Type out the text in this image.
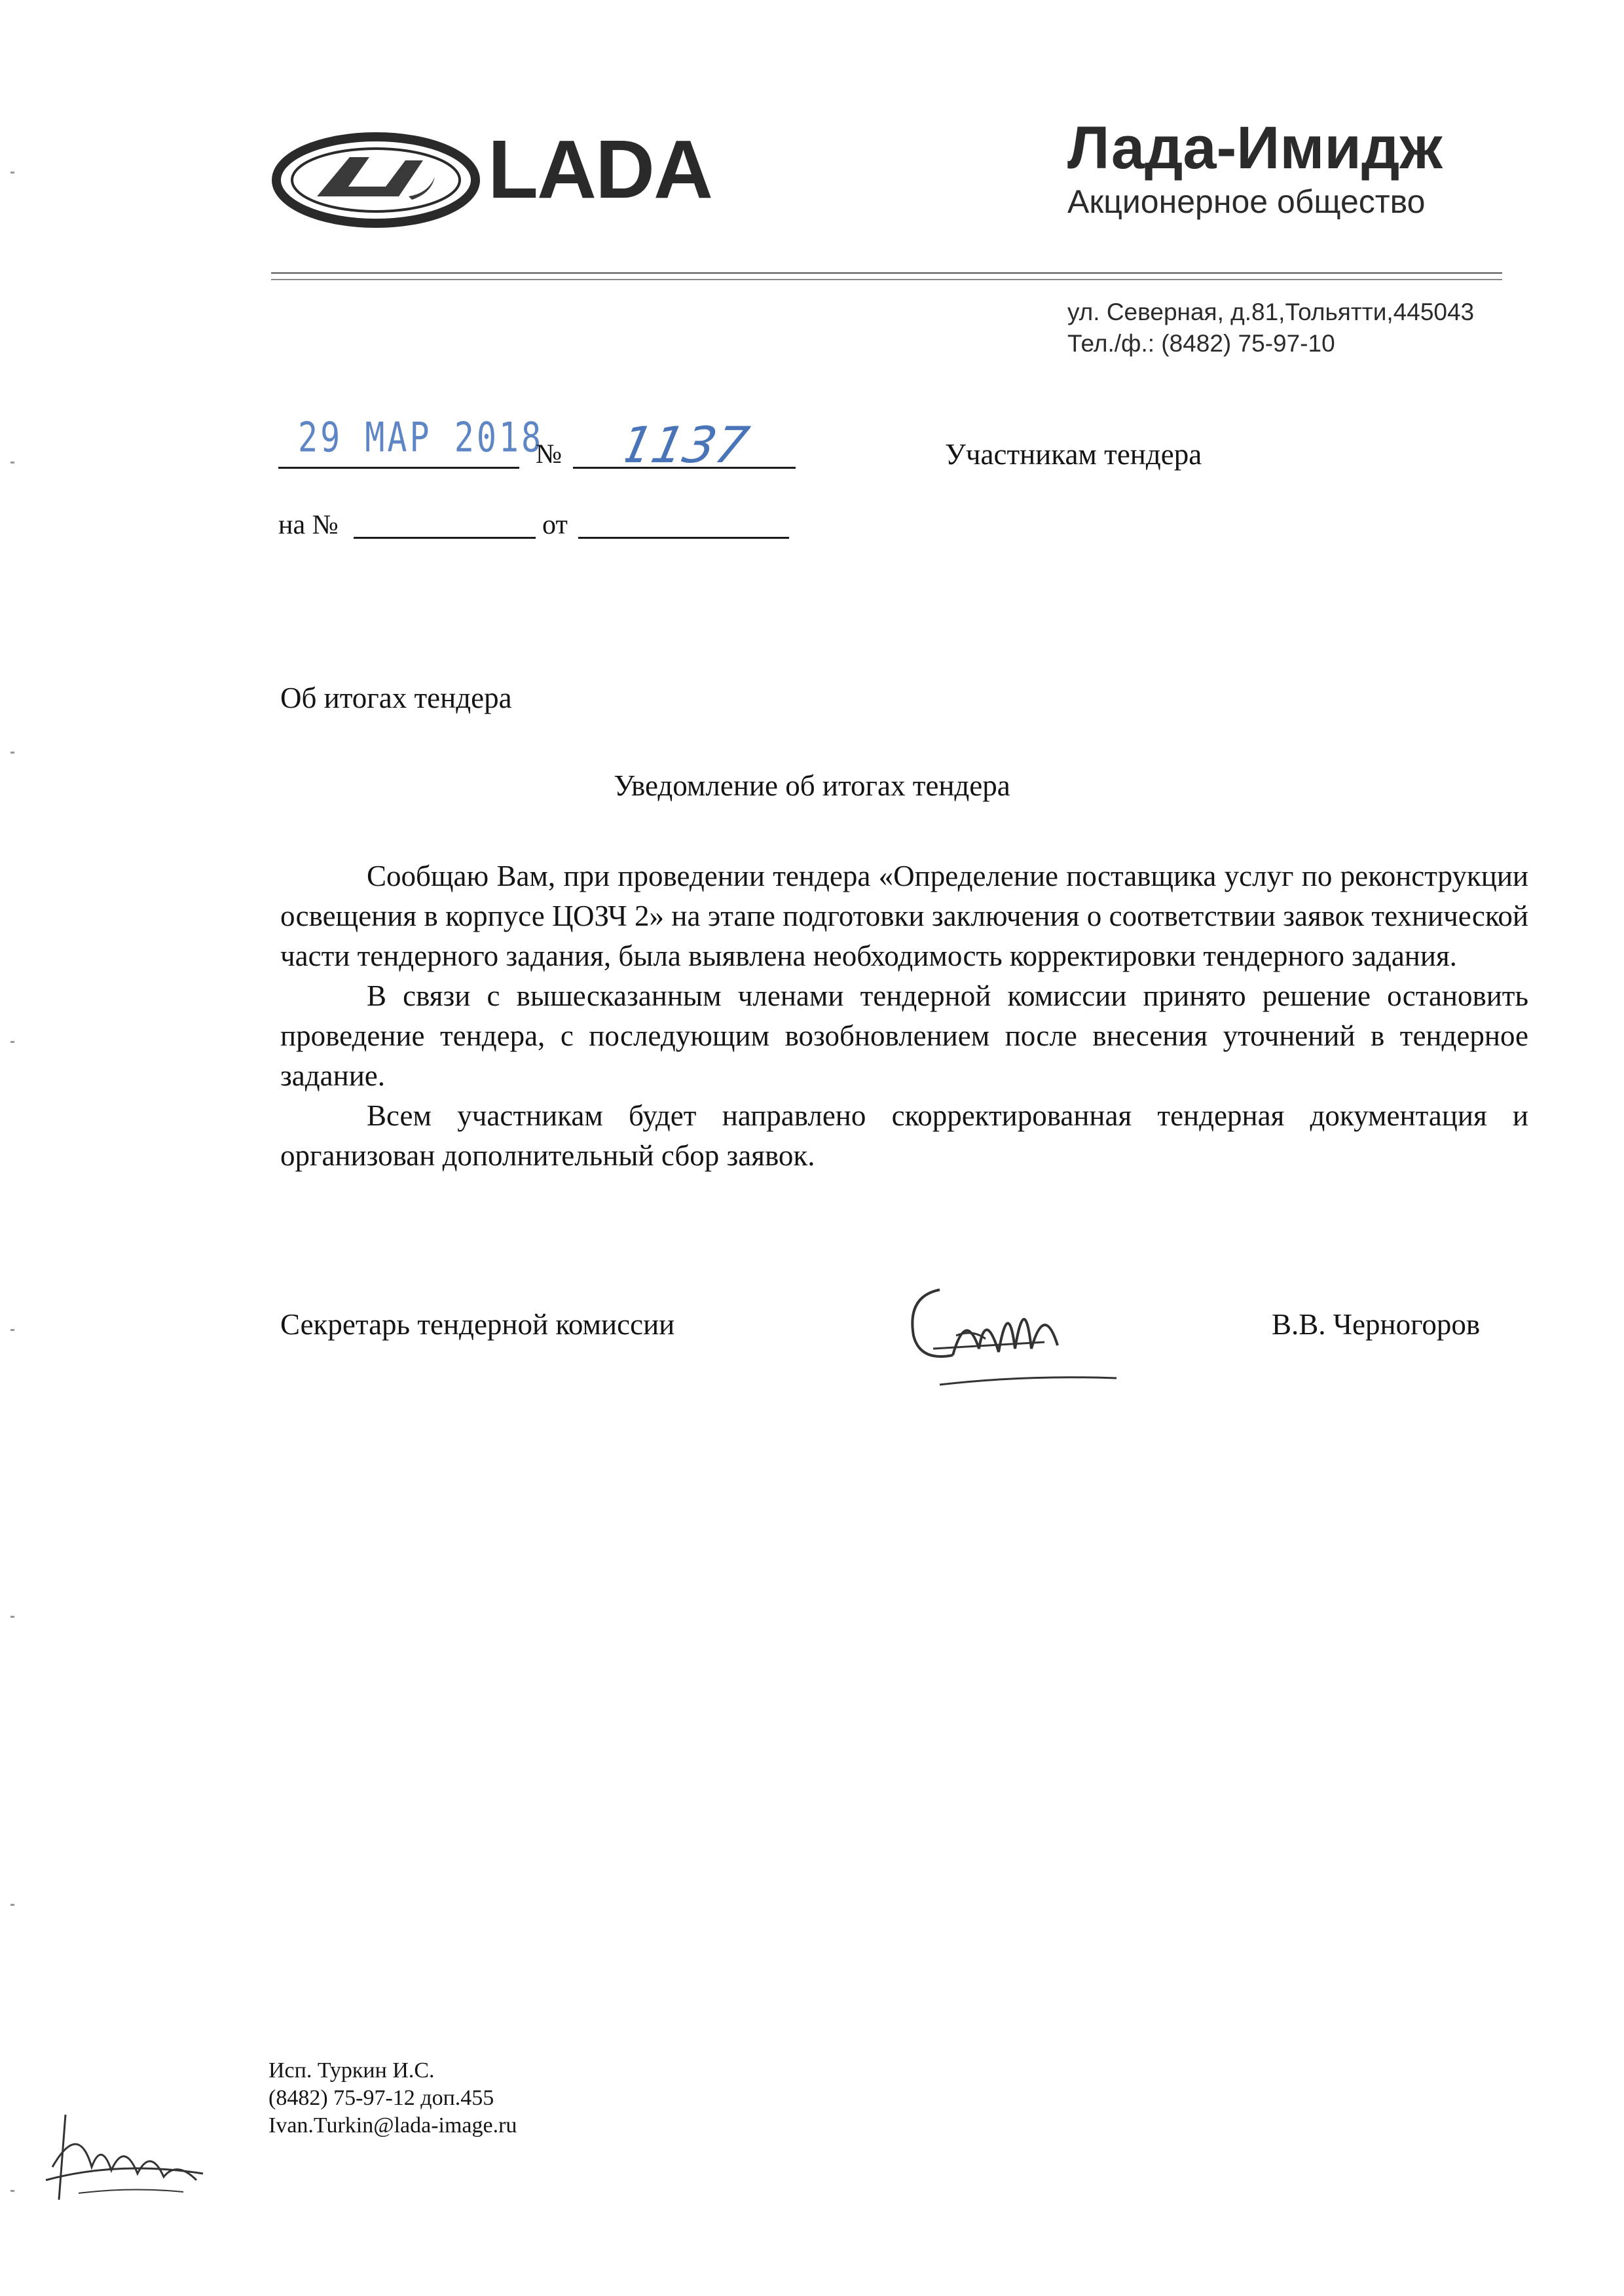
LADA	Лада-Имидж
Акционерное общество
ул. Северная, д.81,Тольятти,445043
Тел./ф.: (8482) 75-97-10
29 МАР 2018
№ 1137
на №	от
Участникам тендера
Об итогах тендера
Уведомление об итогах тендера

Сообщаю Вам, при проведении тендера «Определение поставщика услуг по реконструкции освещения в корпусе ЦОЗЧ 2» на этапе подготовки заключения о соответствии заявок технической части тендерного задания, была выявлена необходимость корректировки тендерного задания.

В связи с вышесказанным членами тендерной комиссии принято решение остановить проведение тендера, с последующим возобновлением после внесения уточнений в тендерное задание.

Всем участникам будет направлено скорректированная тендерная документация и организован дополнительный сбор заявок.

Секретарь тендерной комиссии	В.В. Черногоров
Исп. Туркин И.С.
(8482) 75-97-12 доп.455
Ivan.Turkin@lada-image.ru
